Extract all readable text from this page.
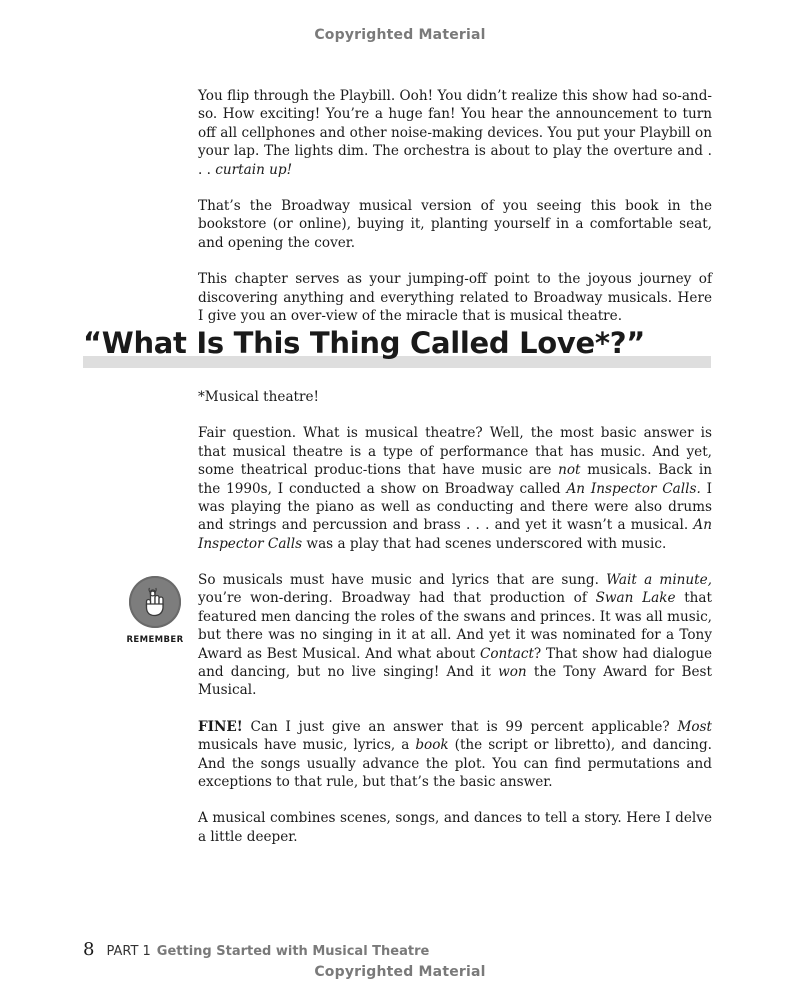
Copyrighted Material

You flip through the Playbill. Ooh! You didn’t realize this show had so-and-so. How exciting! You’re a huge fan! You hear the announcement to turn off all cellphones and other noise-making devices. You put your Playbill on your lap. The lights dim. The orchestra is about to play the overture and . . . curtain up!

That’s the Broadway musical version of you seeing this book in the bookstore (or online), buying it, planting yourself in a comfortable seat, and opening the cover.

This chapter serves as your jumping-off point to the joyous journey of discovering anything and everything related to Broadway musicals. Here I give you an over-view of the miracle that is musical theatre.

“What Is This Thing Called Love*?”

*Musical theatre!

Fair question. What is musical theatre? Well, the most basic answer is that musical theatre is a type of performance that has music. And yet, some theatrical produc-tions that have music are not musicals. Back in the 1990s, I conducted a show on Broadway called An Inspector Calls. I was playing the piano as well as conducting and there were also drums and strings and percussion and brass . . . and yet it wasn’t a musical. An Inspector Calls was a play that had scenes underscored with music.

REMEMBER

So musicals must have music and lyrics that are sung. Wait a minute, you’re won-dering. Broadway had that production of Swan Lake that featured men dancing the roles of the swans and princes. It was all music, but there was no singing in it at all. And yet it was nominated for a Tony Award as Best Musical. And what about Contact? That show had dialogue and dancing, but no live singing! And it won the Tony Award for Best Musical.

FINE! Can I just give an answer that is 99 percent applicable? Most musicals have music, lyrics, a book (the script or libretto), and dancing. And the songs usually advance the plot. You can find permutations and exceptions to that rule, but that’s the basic answer.

A musical combines scenes, songs, and dances to tell a story. Here I delve a little deeper.

8 PART 1 Getting Started with Musical Theatre
Copyrighted Material
